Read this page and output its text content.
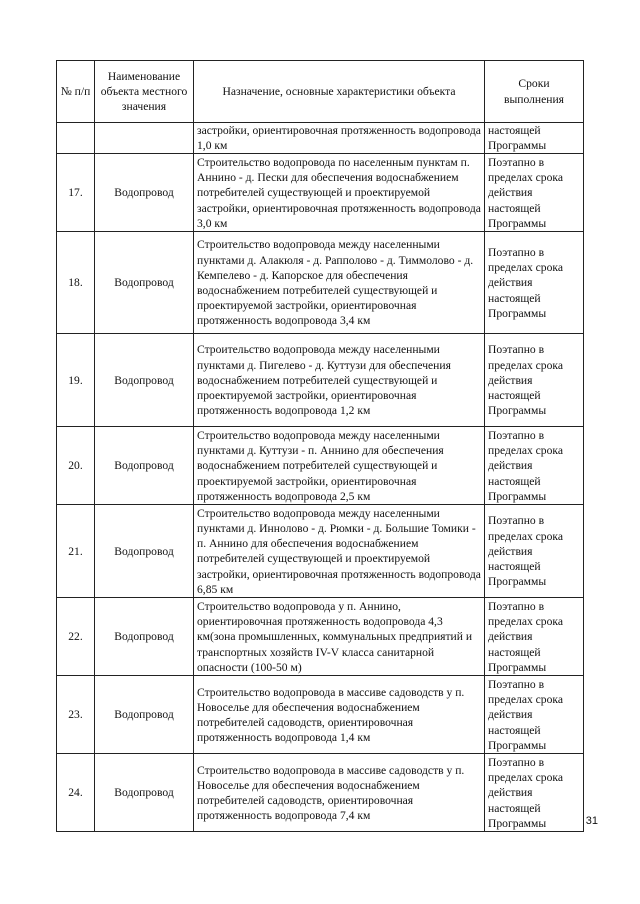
№ п/п	Наименование объекта местного значения	Назначение, основные характеристики объекта	Сроки выполнения
		застройки, ориентировочная протяженность водопровода 1,0 км	настоящей Программы
17.	Водопровод	Строительство водопровода по населенным пунктам п. Аннино - д. Пески для обеспечения водоснабжением потребителей существующей и проектируемой застройки, ориентировочная протяженность водопровода 3,0 км	Поэтапно в пределах срока действия настоящей Программы
18.	Водопровод	Строительство водопровода между населенными пунктами д. Алакюля - д. Рапполово - д. Тиммолово - д. Кемпелево - д. Капорское для обеспечения водоснабжением потребителей существующей и проектируемой застройки, ориентировочная протяженность водопровода 3,4 км	Поэтапно в пределах срока действия настоящей Программы
19.	Водопровод	Строительство водопровода между населенными пунктами д. Пигелево - д. Куттузи для обеспечения водоснабжением потребителей существующей и проектируемой застройки, ориентировочная протяженность водопровода 1,2 км	Поэтапно в пределах срока действия настоящей Программы
20.	Водопровод	Строительство водопровода между населенными пунктами д. Куттузи - п. Аннино для обеспечения водоснабжением потребителей существующей и проектируемой застройки, ориентировочная протяженность водопровода 2,5 км	Поэтапно в пределах срока действия настоящей Программы
21.	Водопровод	Строительство водопровода между населенными пунктами д. Иннолово - д. Рюмки - д. Большие Томики - п. Аннино для обеспечения водоснабжением потребителей существующей и проектируемой застройки, ориентировочная протяженность водопровода 6,85 км	Поэтапно в пределах срока действия настоящей Программы
22.	Водопровод	Строительство водопровода у п. Аннино, ориентировочная протяженность водопровода 4,3 км(зона промышленных, коммунальных предприятий и транспортных хозяйств IV-V класса санитарной опасности (100-50 м)	Поэтапно в пределах срока действия настоящей Программы
23.	Водопровод	Строительство водопровода в массиве садоводств у п. Новоселье для обеспечения водоснабжением потребителей садоводств, ориентировочная протяженность водопровода 1,4 км	Поэтапно в пределах срока действия настоящей Программы
24.	Водопровод	Строительство водопровода в массиве садоводств у п. Новоселье для обеспечения водоснабжением потребителей садоводств, ориентировочная протяженность водопровода 7,4 км	Поэтапно в пределах срока действия настоящей Программы	31
